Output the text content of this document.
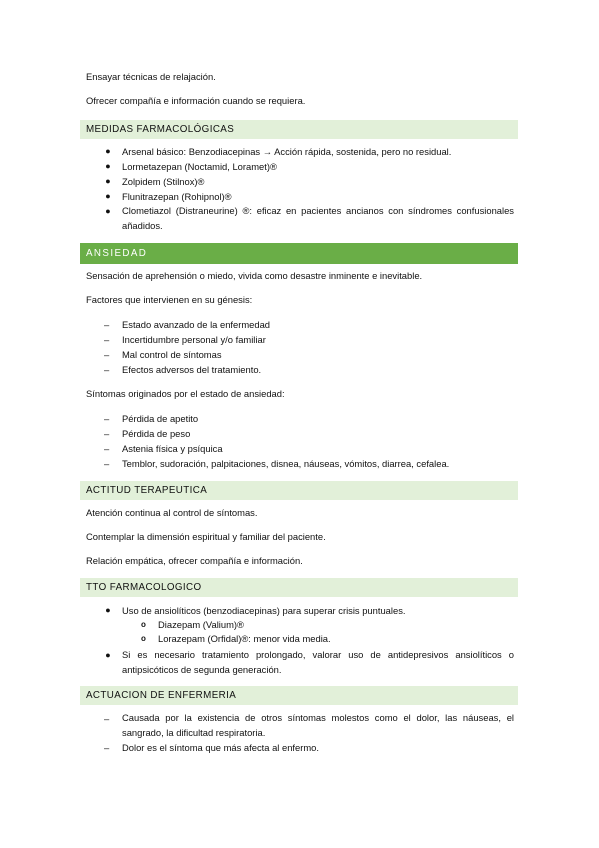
Ensayar técnicas de relajación.

Ofrecer compañía e información cuando se requiera.

MEDIDAS FARMACOLÓGICAS
● Arsenal básico: Benzodiacepinas → Acción rápida, sostenida, pero no residual.
● Lormetazepan (Noctamid, Loramet)®
● Zolpidem (Stilnox)®
● Flunitrazepan (Rohipnol)®
● Clometiazol (Distraneurine) ®: eficaz en pacientes ancianos con síndromes confusionales añadidos.
ANSIEDAD

Sensación de aprehensión o miedo, vivida como desastre inminente e inevitable.

Factores que intervienen en su génesis:

–	Estado avanzado de la enfermedad
–	Incertidumbre personal y/o familiar
–	Mal control de síntomas
–	Efectos adversos del tratamiento.

Síntomas originados por el estado de ansiedad:

–	Pérdida de apetito
–	Pérdida de peso
–	Astenia física y psíquica
–	Temblor, sudoración, palpitaciones, disnea, náuseas, vómitos, diarrea, cefalea.
ACTITUD TERAPEUTICA

Atención continua al control de síntomas.

Contemplar la dimensión espiritual y familiar del paciente.

Relación empática, ofrecer compañía e información.

TTO FARMACOLOGICO
● Uso de ansiolíticos (benzodiacepinas) para superar crisis puntuales.
o	Diazepam (Valium)®
o	Lorazepam (Orfidal)®: menor vida media.
● Si es necesario tratamiento prolongado, valorar uso de antidepresivos ansiolíticos o antipsicóticos de segunda generación.
ACTUACION DE ENFERMERIA
–	Causada por la existencia de otros síntomas molestos como el dolor, las náuseas, el sangrado, la dificultad respiratoria.
–	Dolor es el síntoma que más afecta al enfermo.
